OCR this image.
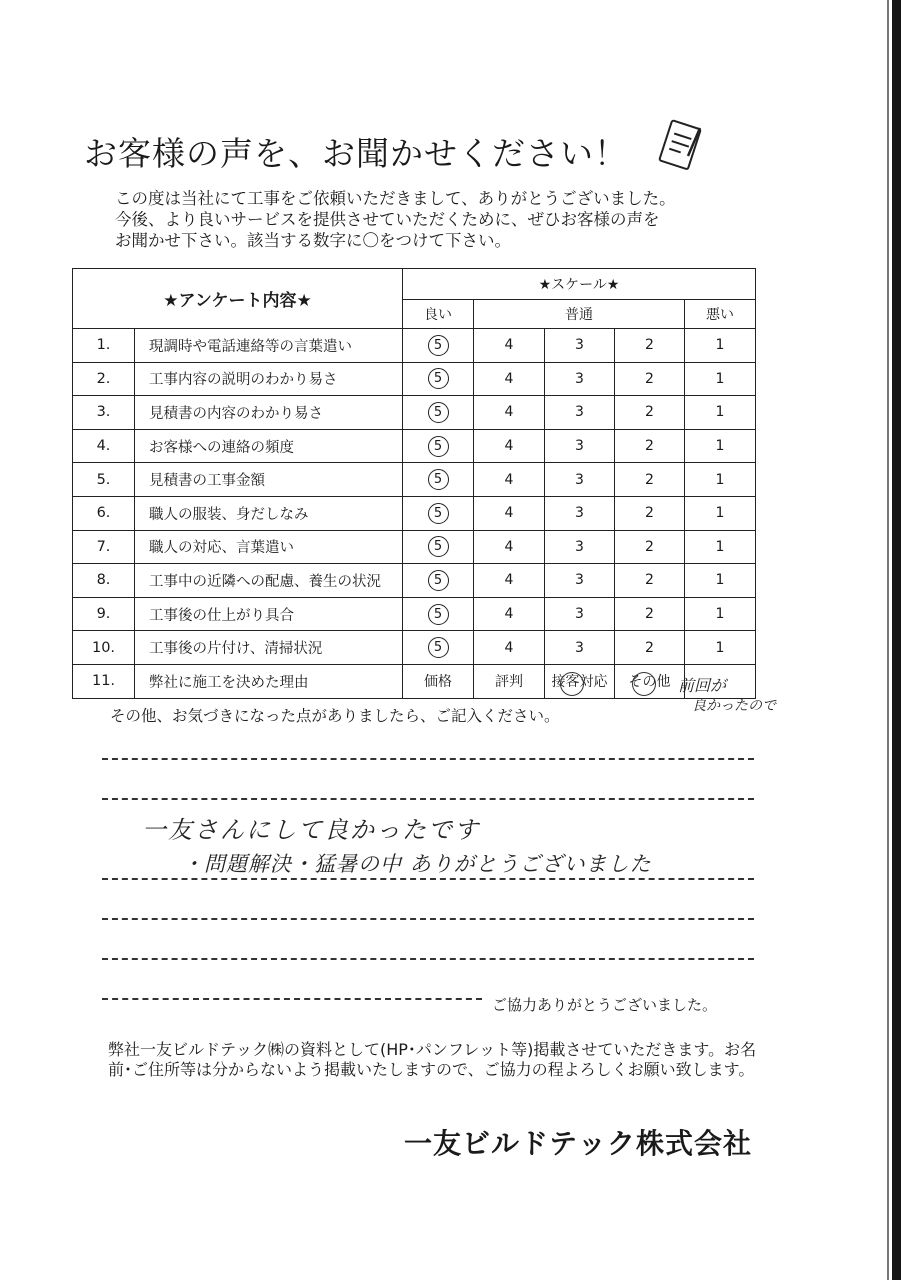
お客様の声を、お聞かせください！
この度は当社にて工事をご依頼いただきまして、ありがとうございました。
今後、より良いサービスを提供させていただくために、ぜひお客様の声を
お聞かせ下さい。該当する数字に〇をつけて下さい。
★アンケート内容★		★スケール★				
		良い	普通			悪い
1.	現調時や電話連絡等の言葉遣い	5	4	3	2	1
2.	工事内容の説明のわかり易さ	5	4	3	2	1
3.	見積書の内容のわかり易さ	5	4	3	2	1
4.	お客様への連絡の頻度	5	4	3	2	1
5.	見積書の工事金額	5	4	3	2	1
6.	職人の服装、身だしなみ	5	4	3	2	1
7.	職人の対応、言葉遣い	5	4	3	2	1
8.	工事中の近隣への配慮、養生の状況	5	4	3	2	1
9.	工事後の仕上がり具合	5	4	3	2	1
10.	工事後の片付け、清掃状況	5	4	3	2	1
11.	弊社に施工を決めた理由	価格	評判	接客対応	その他	前回が
良かったので
その他、お気づきになった点がありましたら、ご記入ください。
一友さんにして良かったです
・問題解決・猛暑の中 ありがとうございました
ご協力ありがとうございました。
弊社一友ビルドテック㈱の資料として(HP･パンフレット等)掲載させていただきます。お名前･ご住所等は分からないよう掲載いたしますので、ご協力の程よろしくお願い致します。
一友ビルドテック株式会社
